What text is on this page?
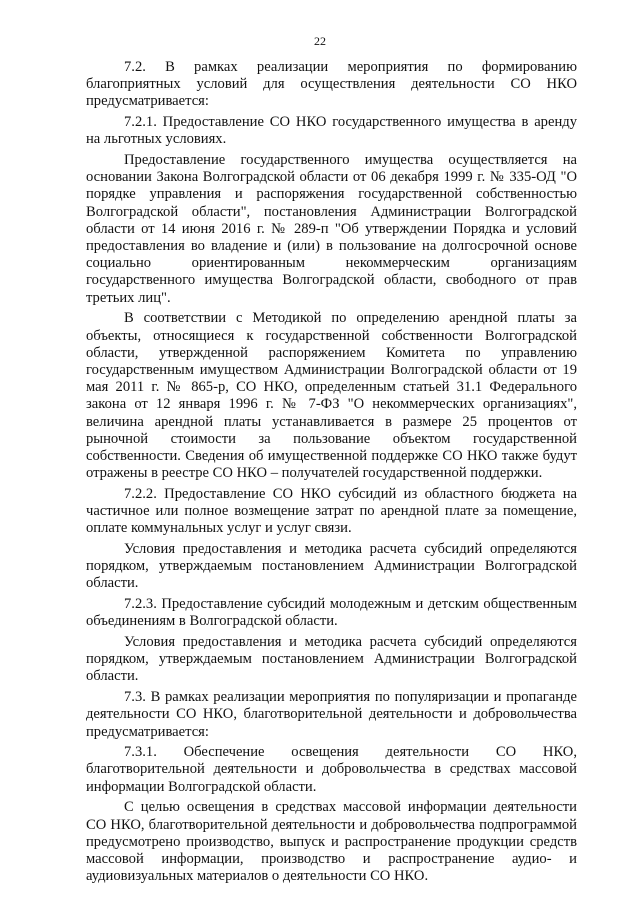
22

7.2. В рамках реализации мероприятия по формированию благоприятных условий для осуществления деятельности СО НКО предусматривается:

7.2.1. Предоставление СО НКО государственного имущества в аренду на льготных условиях.

Предоставление государственного имущества осуществляется на основании Закона Волгоградской области от 06 декабря 1999 г. № 335-ОД "О порядке управления и распоряжения государственной собственностью Волгоградской области", постановления Администрации Волгоградской области от 14 июня 2016 г. № 289-п "Об утверждении Порядка и условий предоставления во владение и (или) в пользование на долгосрочной основе социально ориентированным некоммерческим организациям государственного имущества Волгоградской области, свободного от прав третьих лиц".

В соответствии с Методикой по определению арендной платы за объекты, относящиеся к государственной собственности Волгоградской области, утвержденной распоряжением Комитета по управлению государственным имуществом Администрации Волгоградской области от 19 мая 2011 г. № 865-р, СО НКО, определенным статьей 31.1 Федерального закона от 12 января 1996 г. № 7-ФЗ "О некоммерческих организациях", величина арендной платы устанавливается в размере 25 процентов от рыночной стоимости за пользование объектом государственной собственности. Сведения об имущественной поддержке СО НКО также будут отражены в реестре СО НКО – получателей государственной поддержки.

7.2.2. Предоставление СО НКО субсидий из областного бюджета на частичное или полное возмещение затрат по арендной плате за помещение, оплате коммунальных услуг и услуг связи.

Условия предоставления и методика расчета субсидий определяются порядком, утверждаемым постановлением Администрации Волгоградской области.

7.2.3. Предоставление субсидий молодежным и детским общественным объединениям в Волгоградской области.

Условия предоставления и методика расчета субсидий определяются порядком, утверждаемым постановлением Администрации Волгоградской области.

7.3. В рамках реализации мероприятия по популяризации и пропаганде деятельности СО НКО, благотворительной деятельности и добровольчества предусматривается:

7.3.1. Обеспечение освещения деятельности СО НКО, благотворительной деятельности и добровольчества в средствах массовой информации Волгоградской области.

С целью освещения в средствах массовой информации деятельности СО НКО, благотворительной деятельности и добровольчества подпрограммой предусмотрено производство, выпуск и распространение продукции средств массовой информации, производство и распространение аудио- и аудиовизуальных материалов о деятельности СО НКО.
